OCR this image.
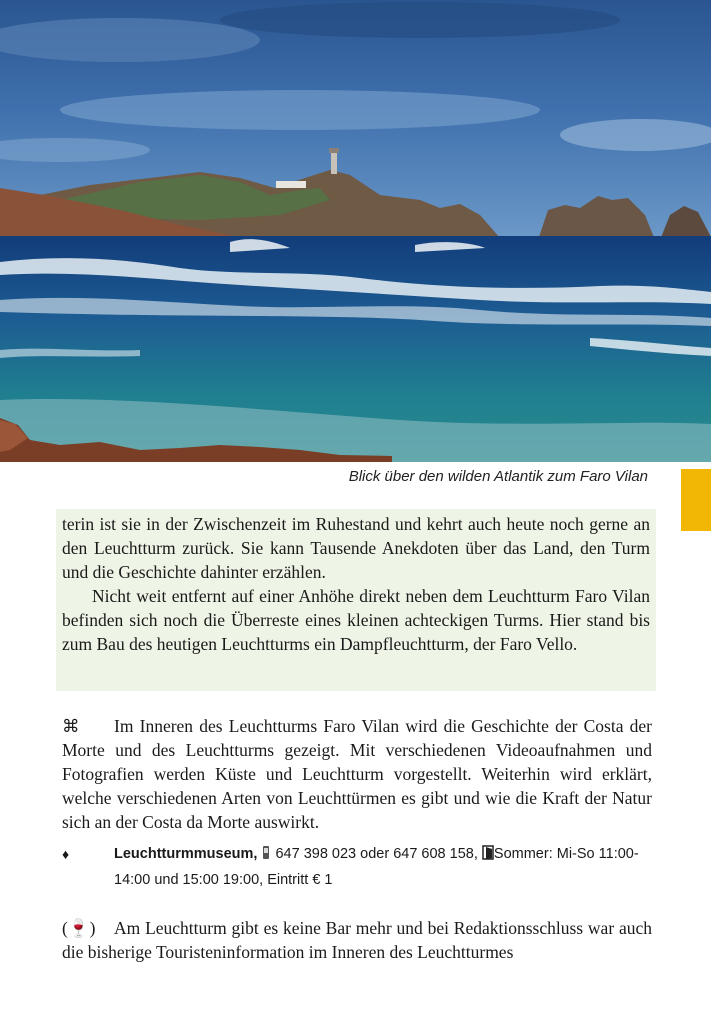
Blick über den wilden Atlantik zum Faro Vilan

terin ist sie in der Zwischenzeit im Ruhestand und kehrt auch heute noch gerne an den Leuchtturm zurück. Sie kann Tausende Anekdoten über das Land, den Turm und die Geschichte dahinter erzählen.

Nicht weit entfernt auf einer Anhöhe direkt neben dem Leuchtturm Faro Vilan befinden sich noch die Überreste eines kleinen achteckigen Turms. Hier stand bis zum Bau des heutigen Leuchtturms ein Dampfleuchtturm, der Faro Vello.

⌘ Im Inneren des Leuchtturms Faro Vilan wird die Geschichte der Costa der Morte und des Leuchtturms gezeigt. Mit verschiedenen Videoaufnahmen und Fotografien werden Küste und Leuchtturm vorgestellt. Weiterhin wird erklärt, welche verschiedenen Arten von Leuchttürmen es gibt und wie die Kraft der Natur sich an der Costa da Morte auswirkt.
♦	Leuchtturmmuseum, 647 398 023 oder 647 608 158, Sommer: Mi-So 11:00-14:00 und 15:00 19:00, Eintritt € 1
(🍷) Am Leuchtturm gibt es keine Bar mehr und bei Redaktionsschluss war auch die bisherige Touristeninformation im Inneren des Leuchtturmes
